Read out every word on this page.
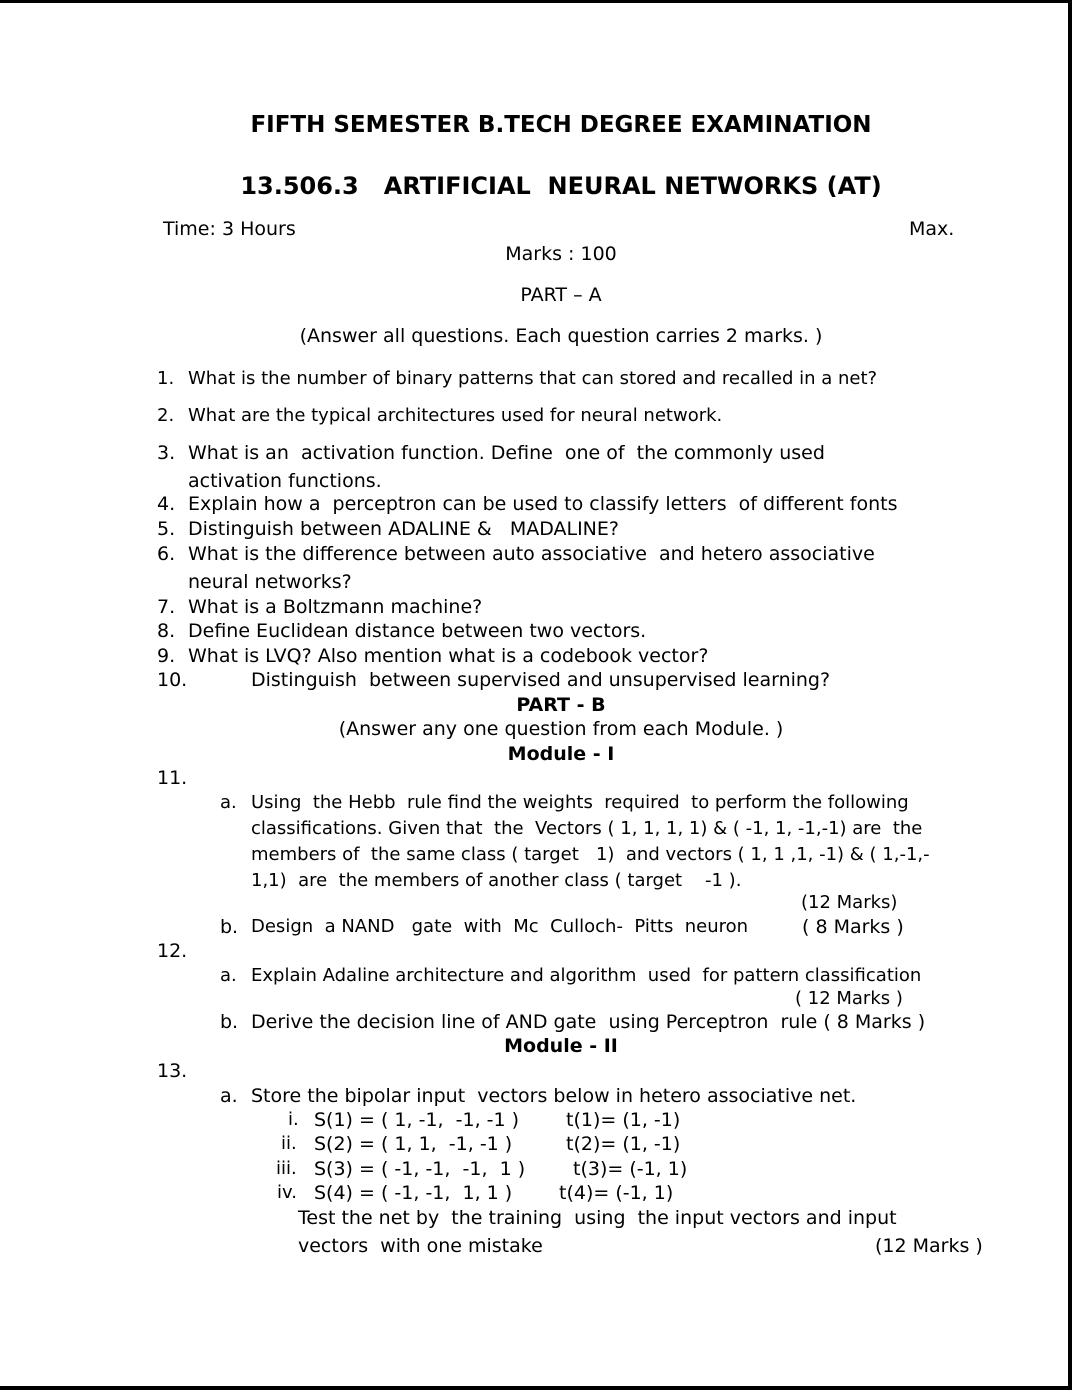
FIFTH SEMESTER B.TECH DEGREE EXAMINATION
13.506.3   ARTIFICIAL  NEURAL NETWORKS (AT)
Time: 3 Hours	Max.
Marks : 100
PART – A
(Answer all questions. Each question carries 2 marks. )
1. What is the number of binary patterns that can stored and recalled in a net?
2. What are the typical architectures used for neural network.
3. What is an  activation function. Define  one of  the commonly used
activation functions.
4. Explain how a  perceptron can be used to classify letters  of different fonts
5. Distinguish between ADALINE &   MADALINE?
6. What is the difference between auto associative  and hetero associative
neural networks?
7. What is a Boltzmann machine?
8. Define Euclidean distance between two vectors.
9. What is LVQ? Also mention what is a codebook vector?
10.	Distinguish  between supervised and unsupervised learning?
PART - B
(Answer any one question from each Module. )
Module - I
11.
a. Using  the Hebb  rule find the weights  required  to perform the following
classifications. Given that  the  Vectors ( 1, 1, 1, 1) & ( -1, 1, -1,-1) are  the
members of  the same class ( target   1)  and vectors ( 1, 1 ,1, -1) & ( 1,-1,-
1,1)  are  the members of another class ( target    -1 ).
(12 Marks)
b. Design  a NAND   gate  with  Mc  Culloch-  Pitts  neuron	( 8 Marks )
12.
a. Explain Adaline architecture and algorithm  used  for pattern classification
( 12 Marks )
b. Derive the decision line of AND gate  using Perceptron  rule ( 8 Marks )
Module - II
13.
a. Store the bipolar input  vectors below in hetero associative net.
i. S(1) = ( 1, -1,  -1, -1 ) t(1)= (1, -1)
ii. S(2) = ( 1, 1,  -1, -1 )	t(2)= (1, -1)
iii. S(3) = ( -1, -1,  -1,  1 )	t(3)= (-1, 1)
iv. S(4) = ( -1, -1,  1, 1 ) t(4)= (-1, 1)
Test the net by  the training  using  the input vectors and input
vectors  with one mistake	(12 Marks )
